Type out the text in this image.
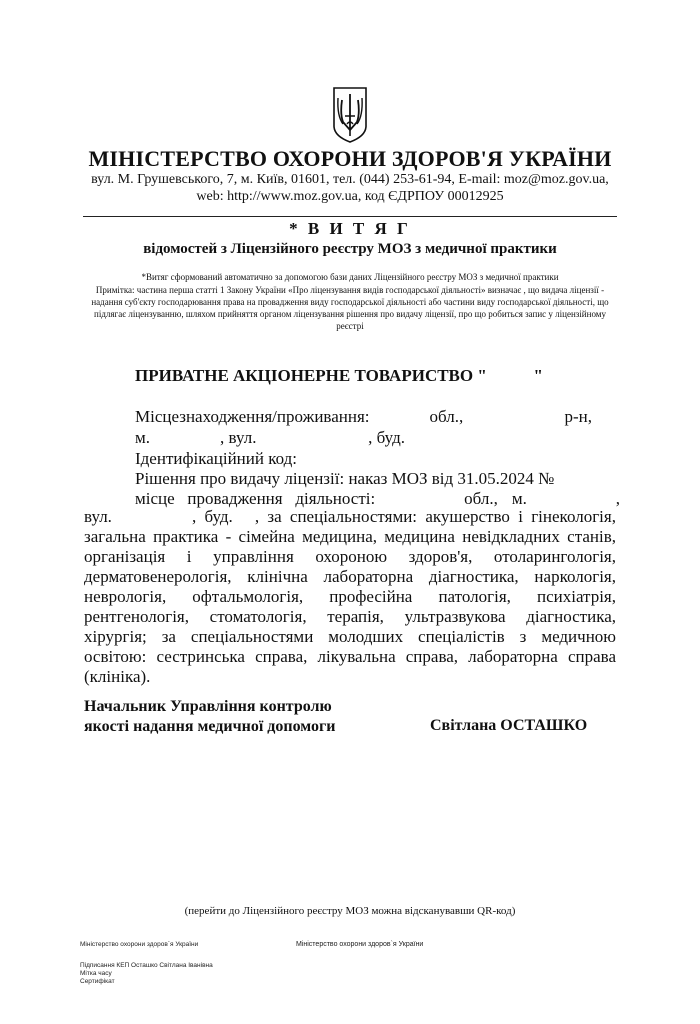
МІНІСТЕРСТВО ОХОРОНИ ЗДОРОВ'Я УКРАЇНИ
вул. М. Грушевського, 7, м. Київ, 01601, тел. (044) 253-61-94, E-mail: moz@moz.gov.ua,
web: http://www.moz.gov.ua, код ЄДРПОУ 00012925
* В И Т Я Г
відомостей з Ліцензійного реєстру МОЗ з медичної практики
*Витяг сформований автоматично за допомогою бази даних Ліцензійного реєстру МОЗ з медичної практики
Примітка: частина перша статті 1 Закону України «Про ліцензування видів господарської діяльності» визначає , що видача ліцензії - надання суб'єкту господарювання права на провадження виду господарської діяльності або частини виду господарської діяльності, що підлягає ліцензуванню, шляхом прийняття органом ліцензування рішення про видачу ліцензії, про що робиться запис у ліцензійному реєстрі
ПРИВАТНЕ АКЦІОНЕРНЕ ТОВАРИСТВО "           "
Місцезнаходження/проживання:	обл.,	р-н,
м.	, вул.	, буд.
Ідентифікаційний код:
Рішення про видачу ліцензії: наказ МОЗ від 31.05.2024 №
місце   провадження   діяльності:	обл., м.	,
вул.	, буд. , за спеціальностями: акушерство і гінекологія, загальна практика - сімейна медицина, медицина невідкладних станів, організація і управління охороною здоров'я, отоларингологія, дерматовенерологія, клінічна лабораторна діагностика, наркологія, неврологія, офтальмологія, професійна патологія, психіатрія, рентгенологія, стоматологія, терапія, ультразвукова діагностика, хірургія; за спеціальностями молодших спеціалістів з медичною освітою: сестринська справа, лікувальна справа, лабораторна справа (клініка).
Начальник Управління контролю
якості надання медичної допомоги	Світлана ОСТАШКО
(перейти до Ліцензійного реєстру МОЗ можна відсканувавши QR-код)
Міністерство охорони здоров`я України	Міністерство охорони здоров`я України
Підписання КЕП Осташко Світлана Іванівна
Мітка часу
Сертифікат
